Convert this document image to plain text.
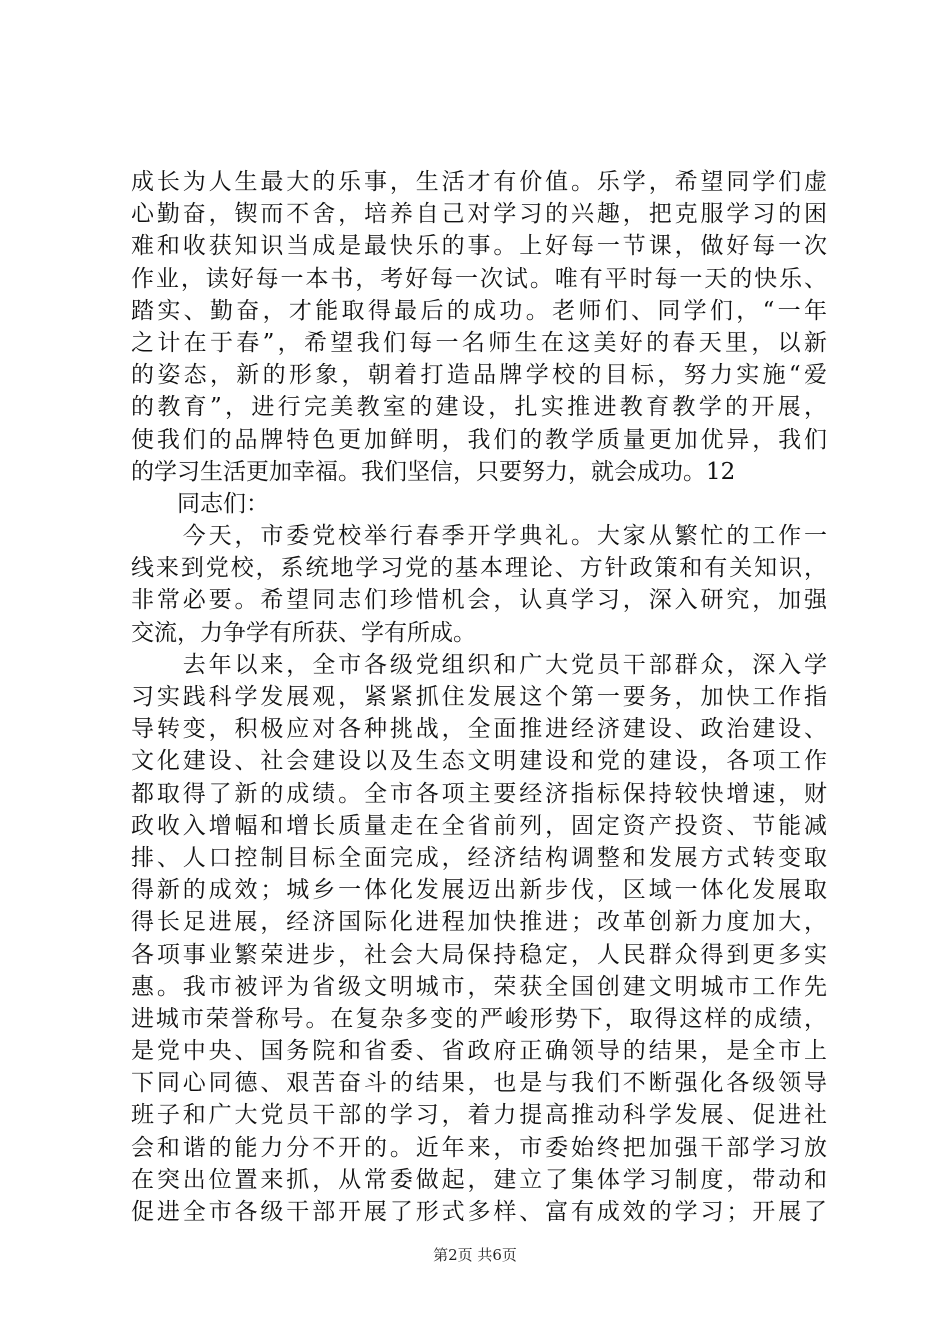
成长为人生最大的乐事，生活才有价值。乐学，希望同学们虚
心勤奋，锲而不舍，培养自己对学习的兴趣，把克服学习的困
难和收获知识当成是最快乐的事。上好每一节课，做好每一次
作业，读好每一本书，考好每一次试。唯有平时每一天的快乐、
踏实、勤奋，才能取得最后的成功。老师们、同学们，“一年
之计在于春”，希望我们每一名师生在这美好的春天里，以新
的姿态，新的形象，朝着打造品牌学校的目标，努力实施“爱
的教育”，进行完美教室的建设，扎实推进教育教学的开展，
使我们的品牌特色更加鲜明，我们的教学质量更加优异，我们
的学习生活更加幸福。我们坚信，只要努力，就会成功。12
　　同志们：
　　今天，市委党校举行春季开学典礼。大家从繁忙的工作一
线来到党校，系统地学习党的基本理论、方针政策和有关知识，
非常必要。希望同志们珍惜机会，认真学习，深入研究，加强
交流，力争学有所获、学有所成。
　　去年以来，全市各级党组织和广大党员干部群众，深入学
习实践科学发展观，紧紧抓住发展这个第一要务，加快工作指
导转变，积极应对各种挑战，全面推进经济建设、政治建设、
文化建设、社会建设以及生态文明建设和党的建设，各项工作
都取得了新的成绩。全市各项主要经济指标保持较快增速，财
政收入增幅和增长质量走在全省前列，固定资产投资、节能减
排、人口控制目标全面完成，经济结构调整和发展方式转变取
得新的成效；城乡一体化发展迈出新步伐，区域一体化发展取
得长足进展，经济国际化进程加快推进；改革创新力度加大，
各项事业繁荣进步，社会大局保持稳定，人民群众得到更多实
惠。我市被评为省级文明城市，荣获全国创建文明城市工作先
进城市荣誉称号。在复杂多变的严峻形势下，取得这样的成绩，
是党中央、国务院和省委、省政府正确领导的结果，是全市上
下同心同德、艰苦奋斗的结果，也是与我们不断强化各级领导
班子和广大党员干部的学习，着力提高推动科学发展、促进社
会和谐的能力分不开的。近年来，市委始终把加强干部学习放
在突出位置来抓，从常委做起，建立了集体学习制度，带动和
促进全市各级干部开展了形式多样、富有成效的学习；开展了
第2页 共6页
